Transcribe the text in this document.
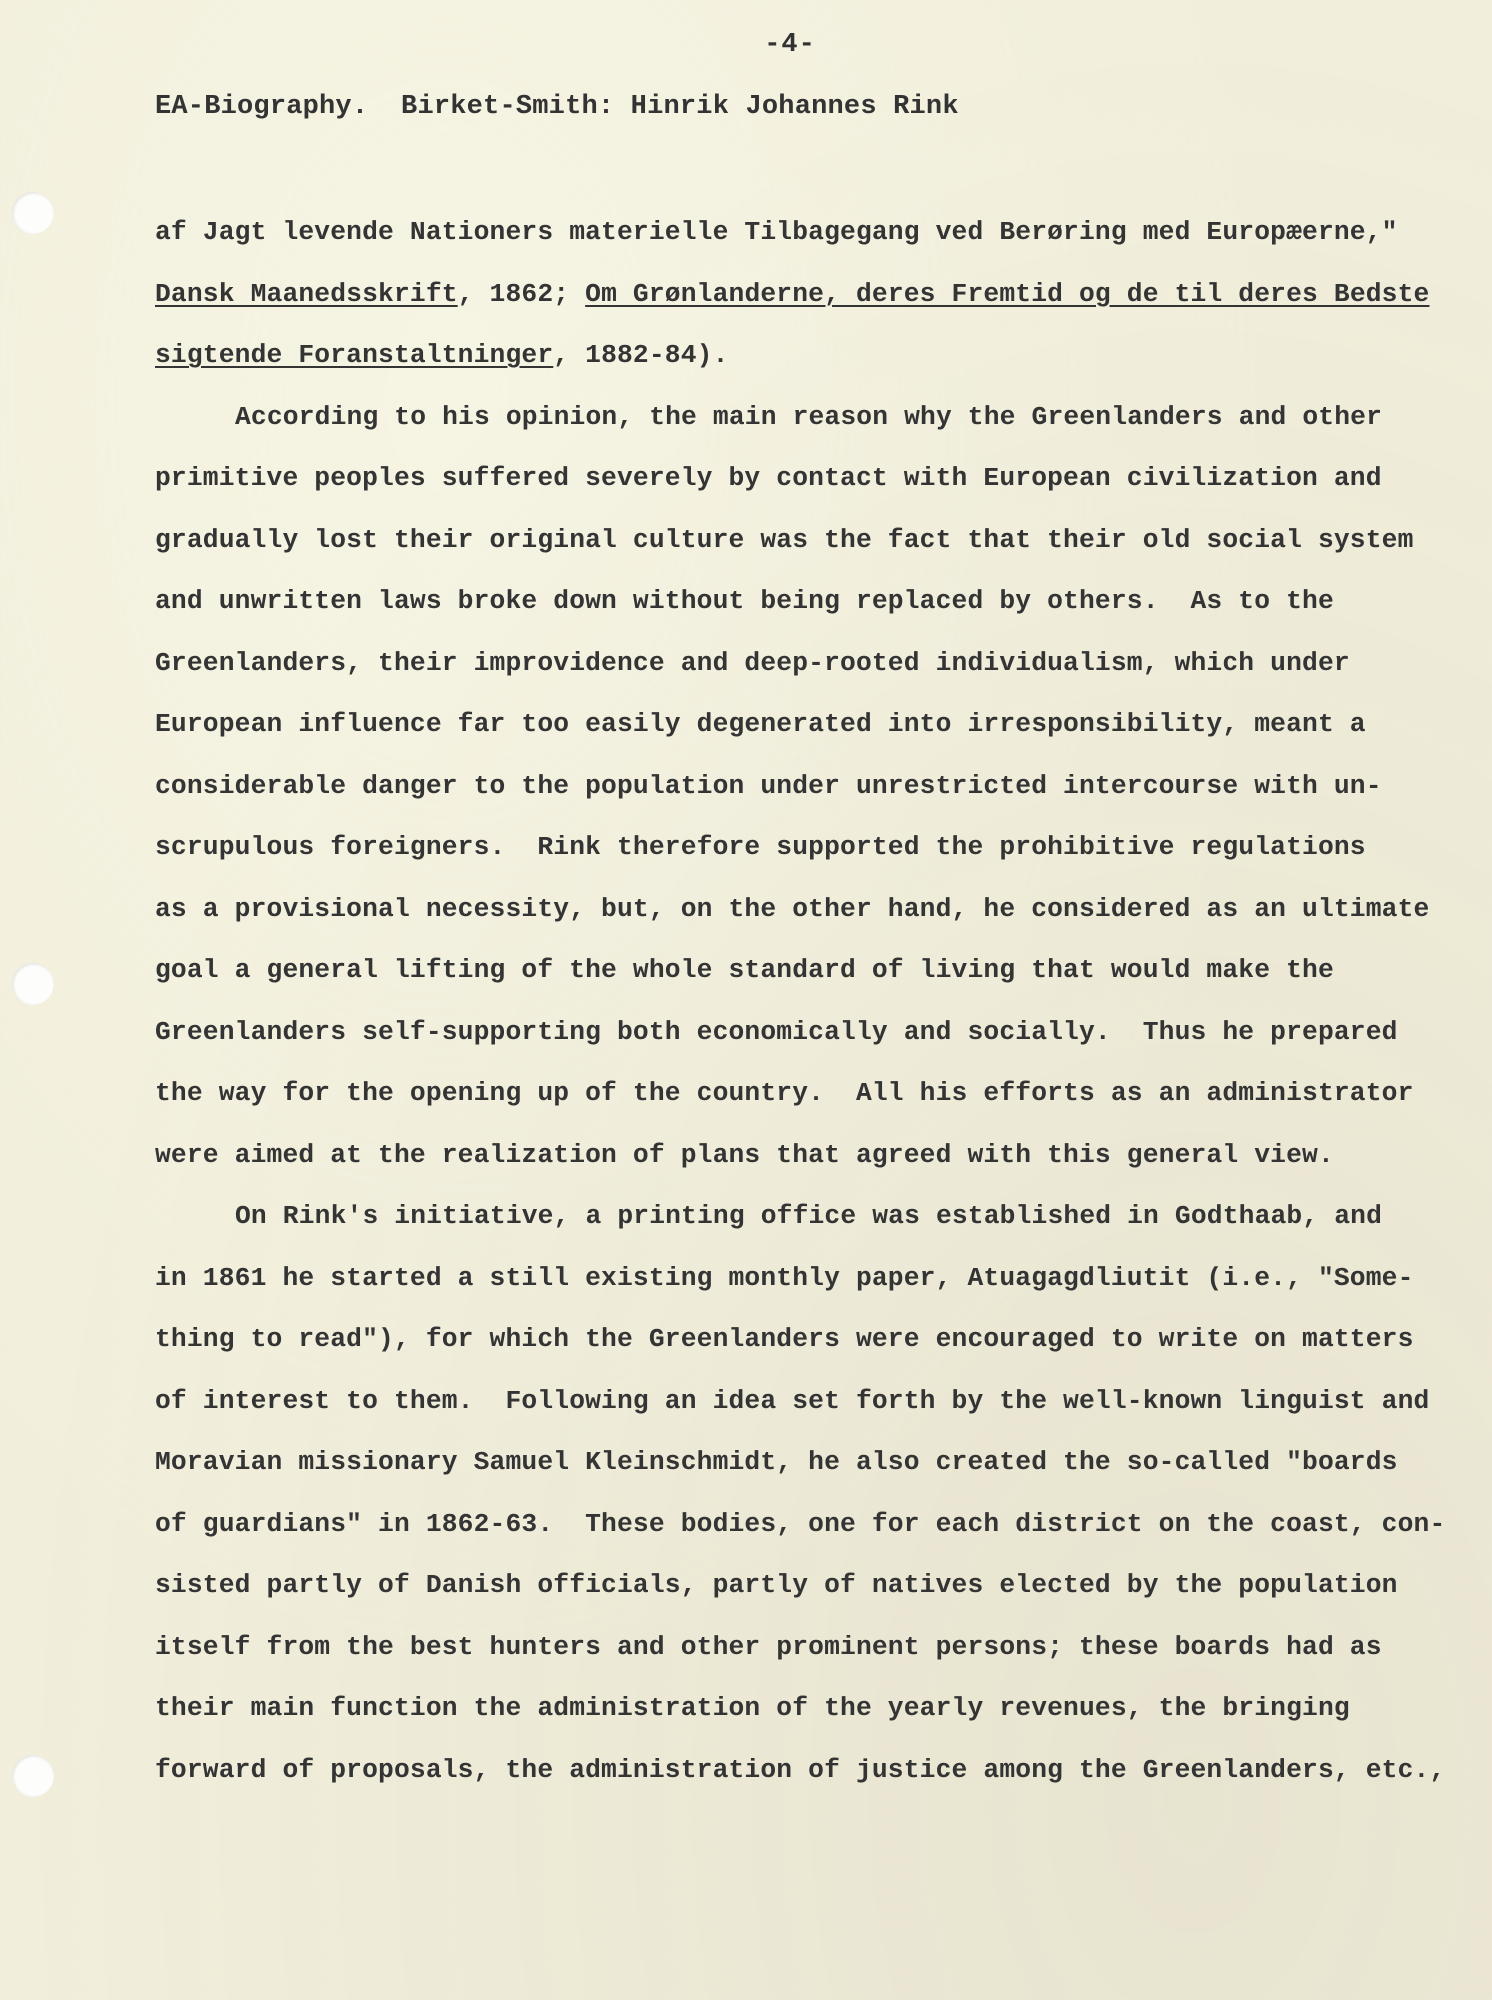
-4-
EA-Biography.  Birket-Smith: Hinrik Johannes Rink
af Jagt levende Nationers materielle Tilbagegang ved Berøring med Europæerne,"
Dansk Maanedsskrift, 1862; Om Grønlanderne, deres Fremtid og de til deres Bedste
sigtende Foranstaltninger, 1882-84).
According to his opinion, the main reason why the Greenlanders and other
primitive peoples suffered severely by contact with European civilization and
gradually lost their original culture was the fact that their old social system
and unwritten laws broke down without being replaced by others.  As to the
Greenlanders, their improvidence and deep-rooted individualism, which under
European influence far too easily degenerated into irresponsibility, meant a
considerable danger to the population under unrestricted intercourse with un-
scrupulous foreigners.  Rink therefore supported the prohibitive regulations
as a provisional necessity, but, on the other hand, he considered as an ultimate
goal a general lifting of the whole standard of living that would make the
Greenlanders self-supporting both economically and socially.  Thus he prepared
the way for the opening up of the country.  All his efforts as an administrator
were aimed at the realization of plans that agreed with this general view.
On Rink's initiative, a printing office was established in Godthaab, and
in 1861 he started a still existing monthly paper, Atuagagdliutit (i.e., "Some-
thing to read"), for which the Greenlanders were encouraged to write on matters
of interest to them.  Following an idea set forth by the well-known linguist and
Moravian missionary Samuel Kleinschmidt, he also created the so-called "boards
of guardians" in 1862-63.  These bodies, one for each district on the coast, con-
sisted partly of Danish officials, partly of natives elected by the population
itself from the best hunters and other prominent persons; these boards had as
their main function the administration of the yearly revenues, the bringing
forward of proposals, the administration of justice among the Greenlanders, etc.,
